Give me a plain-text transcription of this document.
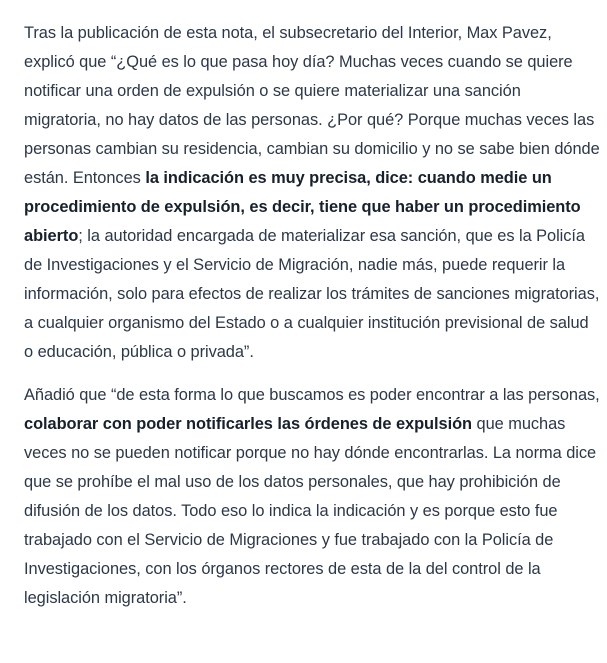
Tras la publicación de esta nota, el subsecretario del Interior, Max Pavez, explicó que “¿Qué es lo que pasa hoy día? Muchas veces cuando se quiere notificar una orden de expulsión o se quiere materializar una sanción migratoria, no hay datos de las personas. ¿Por qué? Porque muchas veces las personas cambian su residencia, cambian su domicilio y no se sabe bien dónde están. Entonces la indicación es muy precisa, dice: cuando medie un procedimiento de expulsión, es decir, tiene que haber un procedimiento abierto; la autoridad encargada de materializar esa sanción, que es la Policía de Investigaciones y el Servicio de Migración, nadie más, puede requerir la información, solo para efectos de realizar los trámites de sanciones migratorias, a cualquier organismo del Estado o a cualquier institución previsional de salud o educación, pública o privada”.

Añadió que “de esta forma lo que buscamos es poder encontrar a las personas, colaborar con poder notificarles las órdenes de expulsión que muchas veces no se pueden notificar porque no hay dónde encontrarlas. La norma dice que se prohíbe el mal uso de los datos personales, que hay prohibición de difusión de los datos. Todo eso lo indica la indicación y es porque esto fue trabajado con el Servicio de Migraciones y fue trabajado con la Policía de Investigaciones, con los órganos rectores de esta de la del control de la legislación migratoria”.
